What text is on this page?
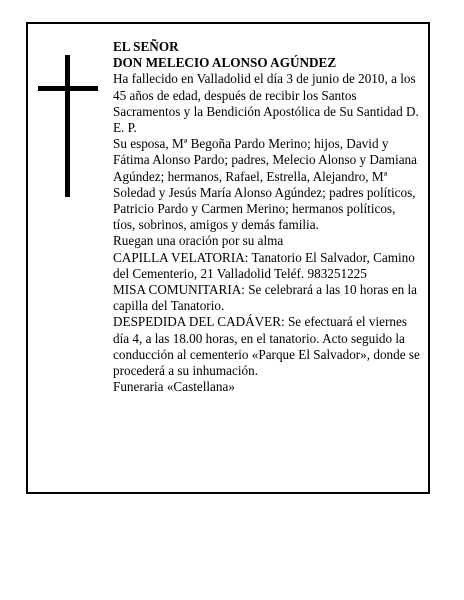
EL SEÑOR

DON MELECIO ALONSO AGÚNDEZ

Ha fallecido en Valladolid el día 3 de junio de 2010, a los 45 años de edad, después de recibir los Santos Sacramentos y la Bendición Apostólica de Su Santidad D. E. P.

Su esposa, Mª Begoña Pardo Merino; hijos, David y Fátima Alonso Pardo; padres, Melecio Alonso y Damiana Agúndez; hermanos, Rafael, Estrella, Alejandro, Mª Soledad y Jesús María Alonso Agúndez; padres políticos, Patricio Pardo y Carmen Merino; hermanos políticos, tíos, sobrinos, amigos y demás familia.

Ruegan una oración por su alma

CAPILLA VELATORIA: Tanatorio El Salvador, Camino del Cementerio, 21 Valladolid Teléf. 983251225

MISA COMUNITARIA: Se celebrará a las 10 horas en la capilla del Tanatorio.

DESPEDIDA DEL CADÁVER: Se efectuará el viernes día 4, a las 18.00 horas, en el tanatorio. Acto seguido la conducción al cementerio «Parque El Salvador», donde se procederá a su inhumación.

Funeraria «Castellana»
